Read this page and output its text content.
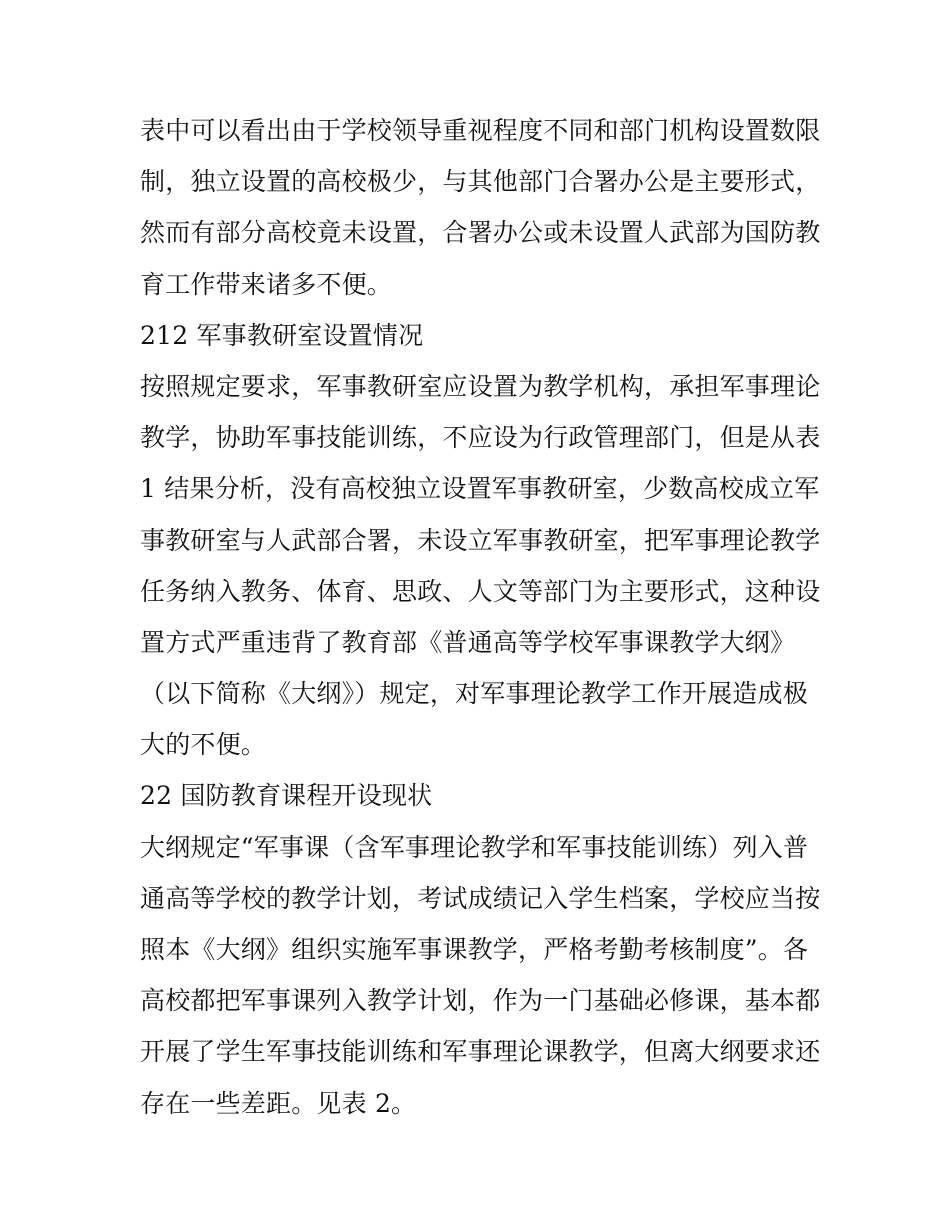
表中可以看出由于学校领导重视程度不同和部门机构设置数限
制，独立设置的高校极少，与其他部门合署办公是主要形式，
然而有部分高校竟未设置，合署办公或未设置人武部为国防教
育工作带来诸多不便。
212 军事教研室设置情况
按照规定要求，军事教研室应设置为教学机构，承担军事理论
教学，协助军事技能训练，不应设为行政管理部门，但是从表
1 结果分析，没有高校独立设置军事教研室，少数高校成立军
事教研室与人武部合署，未设立军事教研室，把军事理论教学
任务纳入教务、体育、思政、人文等部门为主要形式，这种设
置方式严重违背了教育部《普通高等学校军事课教学大纲》
（以下简称《大纲》）规定，对军事理论教学工作开展造成极
大的不便。
22 国防教育课程开设现状
大纲规定“军事课（含军事理论教学和军事技能训练）列入普
通高等学校的教学计划，考试成绩记入学生档案，学校应当按
照本《大纲》组织实施军事课教学，严格考勤考核制度”。各
高校都把军事课列入教学计划，作为一门基础必修课，基本都
开展了学生军事技能训练和军事理论课教学，但离大纲要求还
存在一些差距。见表 2。
